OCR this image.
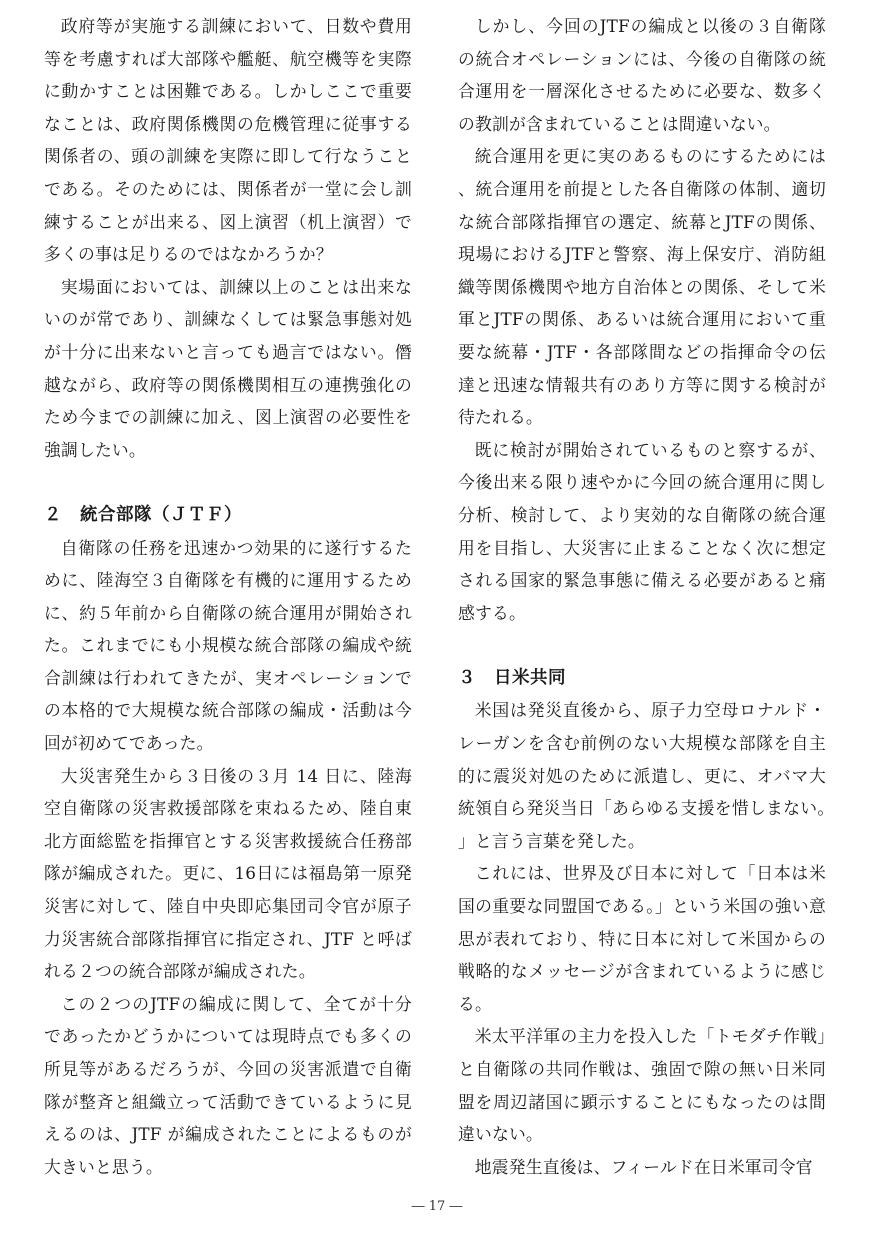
政府等が実施する訓練において、日数や費用等を考慮すれば大部隊や艦艇、航空機等を実際に動かすことは困難である。しかしここで重要なことは、政府関係機関の危機管理に従事する関係者の、頭の訓練を実際に即して行なうことである。そのためには、関係者が一堂に会し訓練することが出来る、図上演習（机上演習）で多くの事は足りるのではなかろうか？

実場面においては、訓練以上のことは出来ないのが常であり、訓練なくしては緊急事態対処が十分に出来ないと言っても過言ではない。僭越ながら、政府等の関係機関相互の連携強化のため今までの訓練に加え、図上演習の必要性を強調したい。

２　統合部隊（ＪＴＦ）

自衛隊の任務を迅速かつ効果的に遂行するために、陸海空３自衛隊を有機的に運用するために、約５年前から自衛隊の統合運用が開始された。これまでにも小規模な統合部隊の編成や統合訓練は行われてきたが、実オペレーションでの本格的で大規模な統合部隊の編成・活動は今回が初めてであった。

大災害発生から３日後の３月 14 日に、陸海空自衛隊の災害救援部隊を束ねるため、陸自東北方面総監を指揮官とする災害救援統合任務部隊が編成された。更に、16日には福島第一原発災害に対して、陸自中央即応集団司令官が原子力災害統合部隊指揮官に指定され、JTF と呼ばれる２つの統合部隊が編成された。

この２つのJTFの編成に関して、全てが十分であったかどうかについては現時点でも多くの所見等があるだろうが、今回の災害派遣で自衛隊が整斉と組織立って活動できているように見えるのは、JTF が編成されたことによるものが大きいと思う。

しかし、今回のJTFの編成と以後の３自衛隊の統合オペレーションには、今後の自衛隊の統合運用を一層深化させるために必要な、数多くの教訓が含まれていることは間違いない。

統合運用を更に実のあるものにするためには、統合運用を前提とした各自衛隊の体制、適切な統合部隊指揮官の選定、統幕とJTFの関係、現場におけるJTFと警察、海上保安庁、消防組織等関係機関や地方自治体との関係、そして米軍とJTFの関係、あるいは統合運用において重要な統幕・JTF・各部隊間などの指揮命令の伝達と迅速な情報共有のあり方等に関する検討が待たれる。

既に検討が開始されているものと察するが、今後出来る限り速やかに今回の統合運用に関し分析、検討して、より実効的な自衛隊の統合運用を目指し、大災害に止まることなく次に想定される国家的緊急事態に備える必要があると痛感する。

３　日米共同

米国は発災直後から、原子力空母ロナルド・レーガンを含む前例のない大規模な部隊を自主的に震災対処のために派遣し、更に、オバマ大統領自ら発災当日「あらゆる支援を惜しまない。」と言う言葉を発した。

これには、世界及び日本に対して「日本は米国の重要な同盟国である。」という米国の強い意思が表れており、特に日本に対して米国からの戦略的なメッセージが含まれているように感じる。

米太平洋軍の主力を投入した「トモダチ作戦」と自衛隊の共同作戦は、強固で隙の無い日米同盟を周辺諸国に顕示することにもなったのは間違いない。

地震発生直後は、フィールド在日米軍司令官

― 17 ―
